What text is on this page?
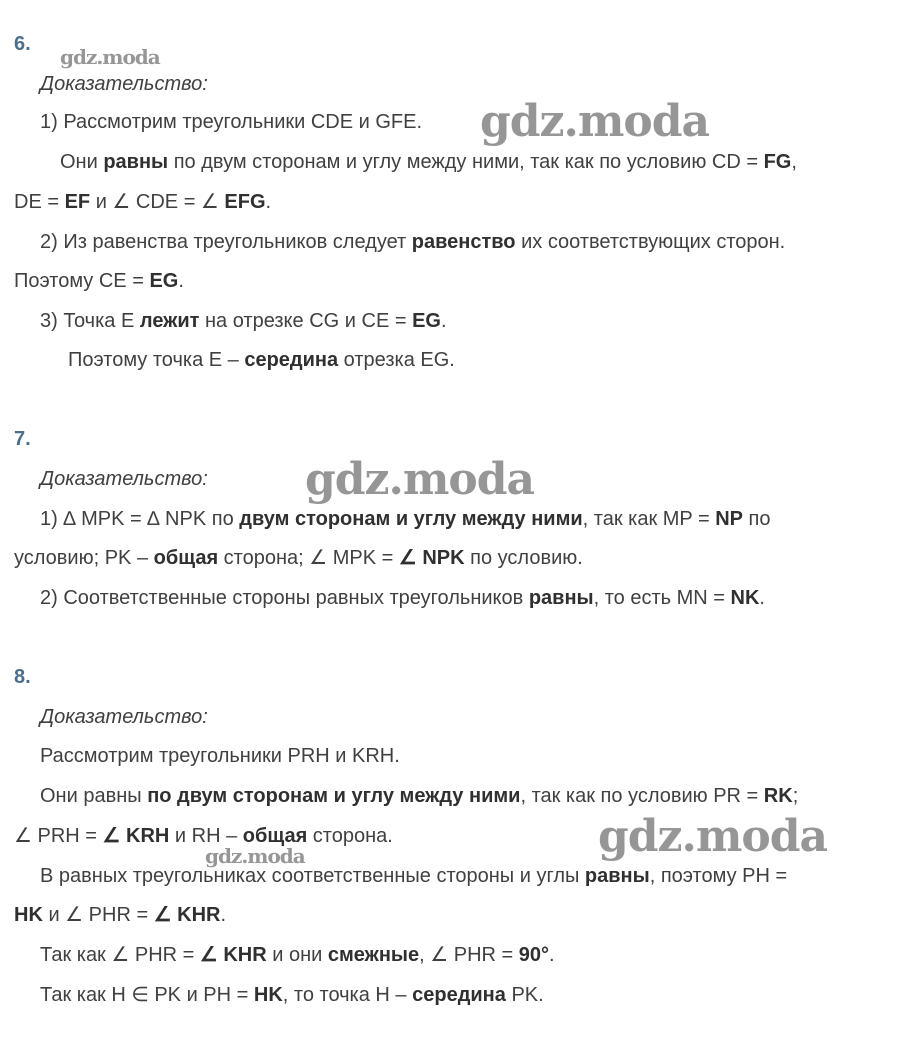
6.
Доказательство:
1) Рассмотрим треугольники CDE и GFE.
Они равны по двум сторонам и углу между ними, так как по условию CD = FG,
DE = EF и ∠ CDE = ∠ EFG.
2) Из равенства треугольников следует равенство их соответствующих сторон.
Поэтому CE = EG.
3) Точка E лежит на отрезке CG и CE = EG.
Поэтому точка E – середина отрезка EG.
7.
Доказательство:
1) ∆ MPK = ∆ NPK по двум сторонам и углу между ними, так как MP = NP по
условию; PK – общая сторона; ∠ MPK = ∠ NPK по условию.
2) Соответственные стороны равных треугольников равны, то есть MN = NK.
8.
Доказательство:
Рассмотрим треугольники PRH и KRH.
Они равны по двум сторонам и углу между ними, так как по условию PR = RK;
∠ PRH = ∠ KRH и RH – общая сторона.
В равных треугольниках соответственные стороны и углы равны, поэтому PH =
HK и ∠ PHR = ∠ KHR.
Так как ∠ PHR = ∠ KHR и они смежные, ∠ PHR = 90°.
Так как H ∈ PK и PH = HK, то точка H – середина PK.
gdz.moda
gdz.moda
gdz.moda
gdz.moda
gdz.moda
